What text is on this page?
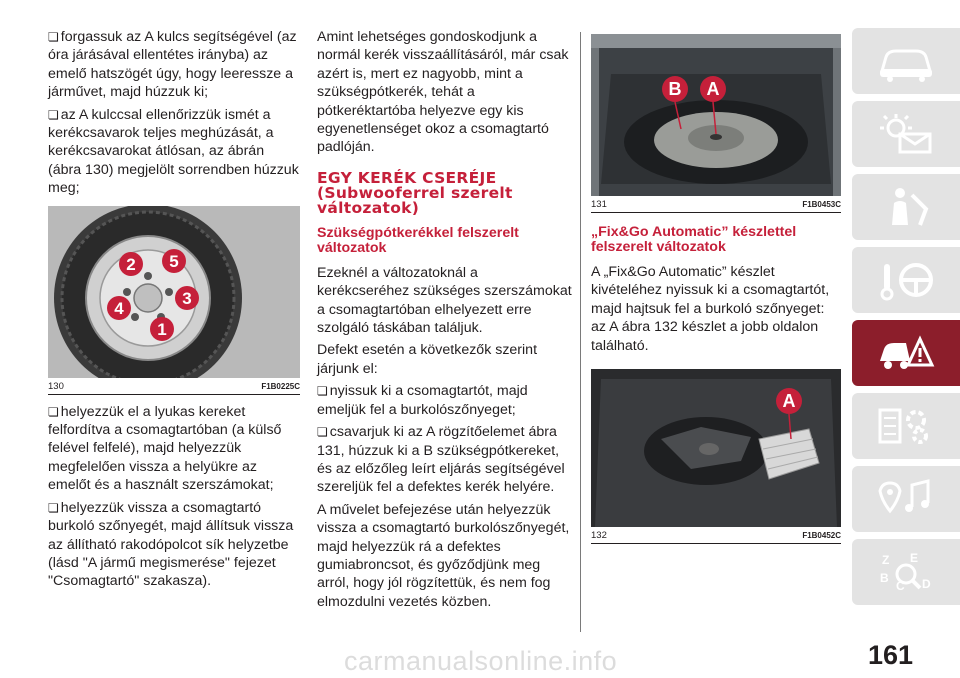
❏ forgassuk az A kulcs segítségével (az óra járásával ellentétes irányba) az emelő hatszögét úgy, hogy leeressze a járművet, majd húzzuk ki;

❏ az A kulccsal ellenőrizzük ismét a kerékcsavarok teljes meghúzását, a kerékcsavarokat átlósan, az ábrán (ábra 130) megjelölt sorrendben húzzuk meg;

2 5
4
3
1
130	F1B0225C

❏ helyezzük el a lyukas kereket felfordítva a csomagtartóban (a külső felével felfelé), majd helyezzük megfelelően vissza a helyükre az emelőt és a használt szerszámokat;

❏ helyezzük vissza a csomagtartó burkoló szőnyegét, majd állítsuk vissza az állítható rakodópolcot sík helyzetbe (lásd "A jármű megismerése" fejezet "Csomagtartó" szakasza).

Amint lehetséges gondoskodjunk a normál kerék visszaállításáról, már csak azért is, mert ez nagyobb, mint a szükségpótkerék, tehát a pótkeréktartóba helyezve egy kis egyenetlenséget okoz a csomagtartó padlóján.

EGY KERÉK CSERÉJE (Subwooferrel szerelt változatok)
Szükségpótkerékkel felszerelt változatok

Ezeknél a változatoknál a kerékcseréhez szükséges szerszámokat a csomagtartóban elhelyezett erre szolgáló táskában találjuk.

Defekt esetén a következők szerint járjunk el:

❏ nyissuk ki a csomagtartót, majd emeljük fel a burkolószőnyeget;

❏ csavarjuk ki az A rögzítőelemet ábra 131, húzzuk ki a B szükségpótkereket, és az előzőleg leírt eljárás segítségével szereljük fel a defektes kerék helyére.

A művelet befejezése után helyezzük vissza a csomagtartó burkolószőnyegét, majd helyezzük rá a defektes gumiabroncsot, és győződjünk meg arról, hogy jól rögzítettük, és nem fog elmozdulni vezetés közben.

B A
131	F1B0453C
„Fix&Go Automatic” készlettel felszerelt változatok

A „Fix&Go Automatic” készlet kivételéhez nyissuk ki a csomagtartót, majd hajtsuk fel a burkoló szőnyeget: az A ábra 132 készlet a jobb oldalon található.

A
132	F1B0452C
Z E
B
C D
161
carmanualsonline.info
